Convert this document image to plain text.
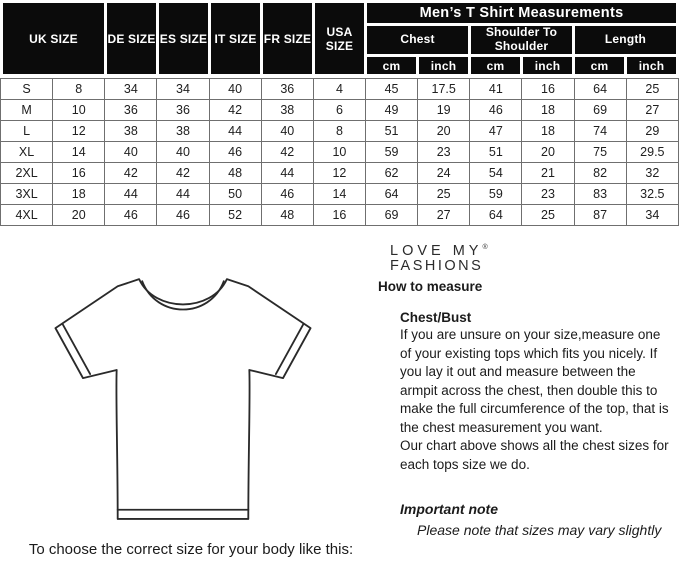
UK SIZE	DE SIZE	ES SIZE	IT SIZE	FR SIZE	USA SIZE	Men’s T Shirt Measurements					
						Chest		Shoulder To Shoulder		Length	
						cm	inch	cm	inch	cm	inch
S	8	34	34	40	36	4	45	17.5	41	16	64	25
M	10	36	36	42	38	6	49	19	46	18	69	27
L	12	38	38	44	40	8	51	20	47	18	74	29
XL	14	40	40	46	42	10	59	23	51	20	75	29.5
2XL	16	42	42	48	44	12	62	24	54	21	82	32
3XL	18	44	44	50	46	14	64	25	59	23	83	32.5
4XL	20	46	46	52	48	16	69	27	64	25	87	34
LOVE MY®
FASHIONS
How to measure
Chest/Bust
If you are unsure on your size,measure one of your existing tops which fits you nicely. If you lay it out and measure between the armpit across the chest, then double this to make the full circumference of the top, that is the chest measurement you want.
Our chart above shows all the chest sizes for each tops size we do.
Important note
Please note that sizes may vary slightly
To choose the correct size for your body like this:
